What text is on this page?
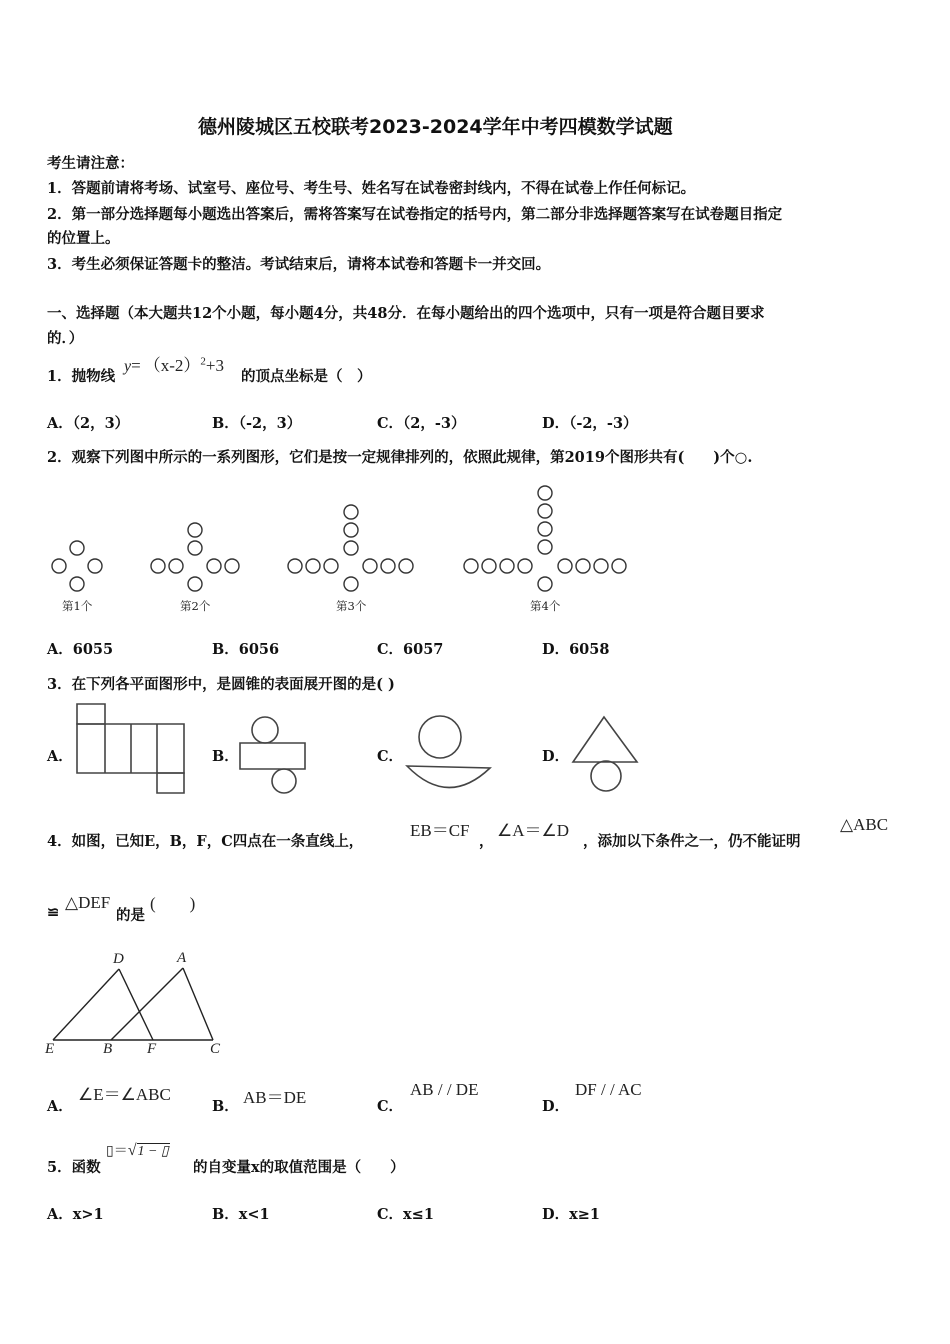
德州陵城区五校联考2023-2024学年中考四模数学试题
考生请注意：
1．答题前请将考场、试室号、座位号、考生号、姓名写在试卷密封线内，不得在试卷上作任何标记。
2．第一部分选择题每小题选出答案后，需将答案写在试卷指定的括号内，第二部分非选择题答案写在试卷题目指定
的位置上。
3．考生必须保证答题卡的整洁。考试结束后，请将本试卷和答题卡一并交回。
一、选择题（本大题共12个小题，每小题4分，共48分．在每小题给出的四个选项中，只有一项是符合题目要求
的．）
1．抛物线
$y= (x-2)^2+3$
的顶点坐标是（　）
A．（2，3）	B．（-2，3）	C．（2，-3）	D．（-2，-3）
2．观察下列图中所示的一系列图形，它们是按一定规律排列的，依照此规律，第2019个图形共有(　　)个○.
第1个	第2个	第3个	第4个
A．6055	B．6056	C．6057	D．6058
3．在下列各平面图形中，是圆锥的表面展开图的是( )
A．	B．	C．	D．
4．如图，已知E，B，F，C四点在一条直线上，
EB＝CF
，
∠A＝∠D
，添加以下条件之一，仍不能证明
△ABC
≌
△DEF
的是
(　　)
D	A
E	B F	C
A．
∠E＝∠ABC
B． AB＝DE	C．
AB / / DE
D．
DF / / AC
5．函数
▯＝√1 − ▯
的自变量x的取值范围是（　　）
A．x>1	B．x<1	C．x≤1	D．x≥1
